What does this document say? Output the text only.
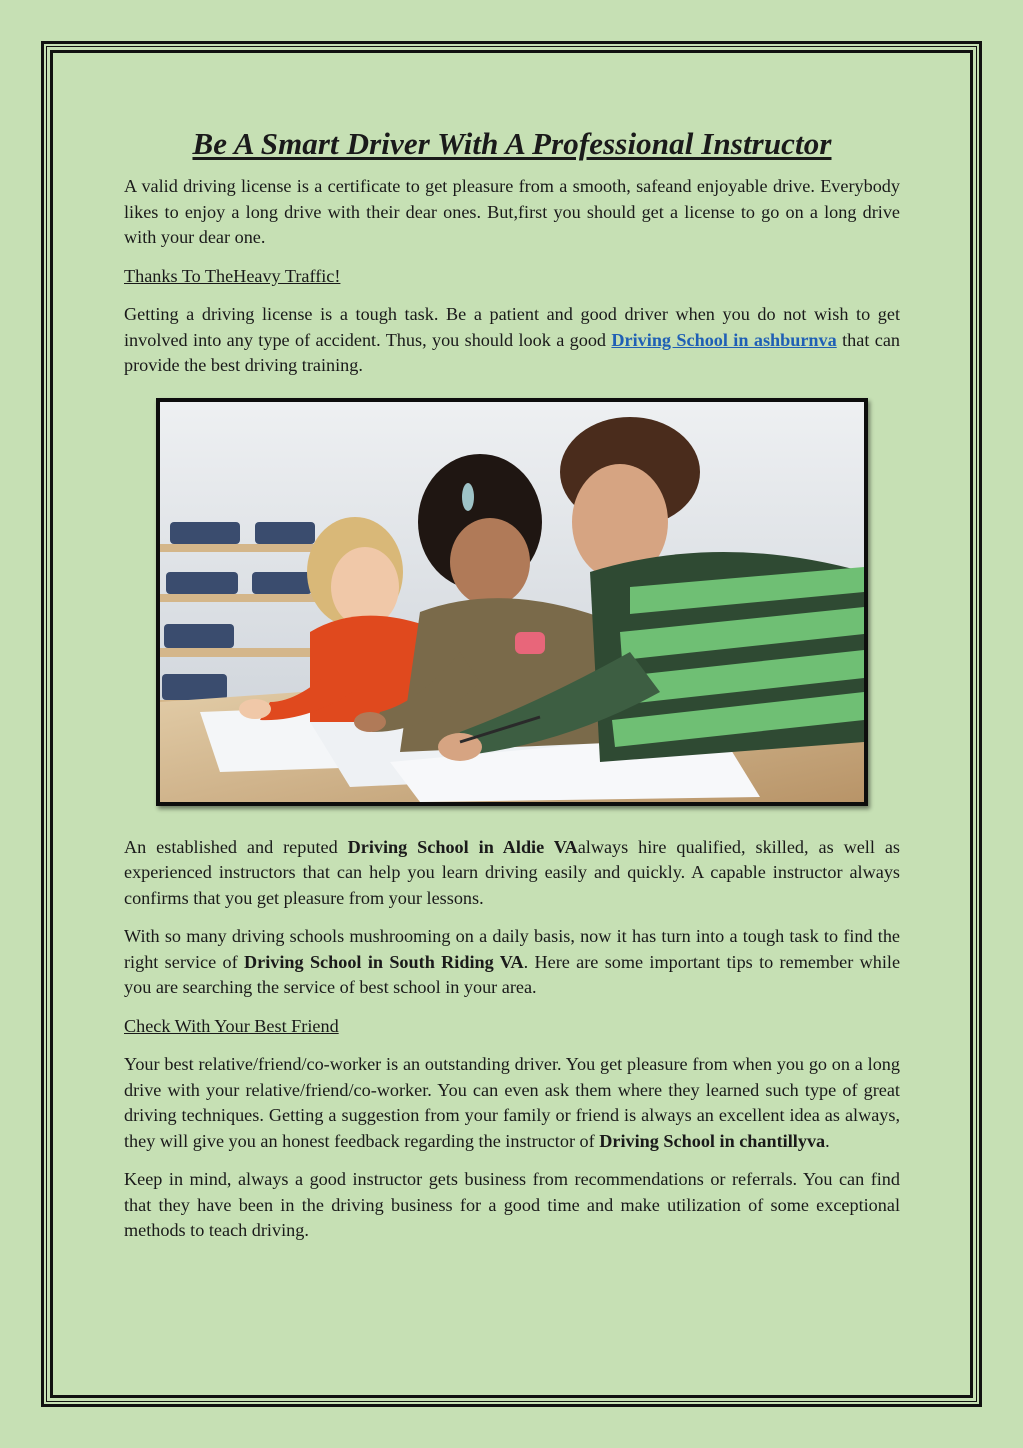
Be A Smart Driver With A Professional Instructor

A valid driving license is a certificate to get pleasure from a smooth, safeand enjoyable drive. Everybody likes to enjoy a long drive with their dear ones. But,first you should get a license to go on a long drive with your dear one.

Thanks To TheHeavy Traffic!

Getting a driving license is a tough task. Be a patient and good driver when you do not wish to get involved into any type of accident. Thus, you should look a good Driving School in ashburnva that can provide the best driving training.

An established and reputed Driving School in Aldie VAalways hire qualified, skilled, as well as experienced instructors that can help you learn driving easily and quickly. A capable instructor always confirms that you get pleasure from your lessons.

With so many driving schools mushrooming on a daily basis, now it has turn into a tough task to find the right service of Driving School in South Riding VA. Here are some important tips to remember while you are searching the service of best school in your area.

Check With Your Best Friend

Your best relative/friend/co-worker is an outstanding driver. You get pleasure from when you go on a long drive with your relative/friend/co-worker. You can even ask them where they learned such type of great driving techniques. Getting a suggestion from your family or friend is always an excellent idea as always, they will give you an honest feedback regarding the instructor of Driving School in chantillyva.

Keep in mind, always a good instructor gets business from recommendations or referrals. You can find that they have been in the driving business for a good time and make utilization of some exceptional methods to teach driving.
